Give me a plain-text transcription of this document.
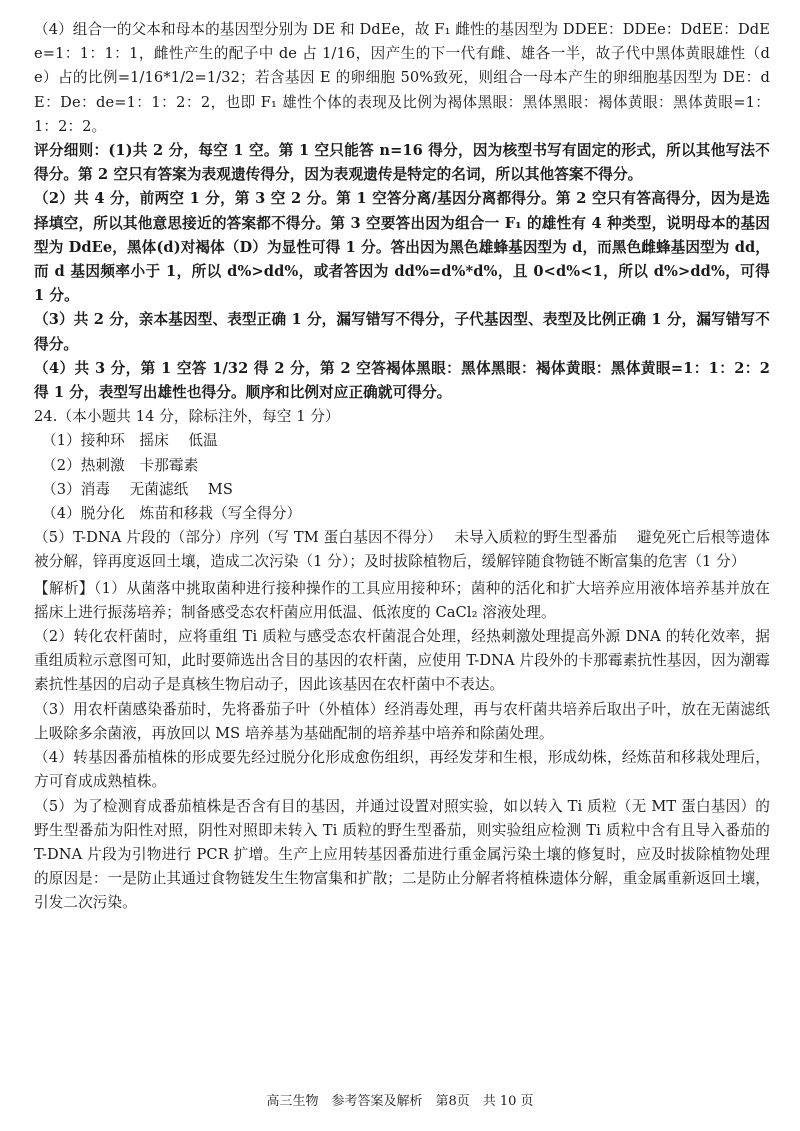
（4）组合一的父本和母本的基因型分别为 DE 和 DdEe，故 F₁ 雌性的基因型为 DDEE：DDEe：DdEE：DdEe=1：1：1：1，雌性产生的配子中 de 占 1/16，因产生的下一代有雌、雄各一半，故子代中黑体黄眼雄性（de）占的比例=1/16*1/2=1/32；若含基因 E 的卵细胞 50%致死，则组合一母本产生的卵细胞基因型为 DE：dE：De：de=1：1：2：2，也即 F₁ 雄性个体的表现及比例为褐体黑眼：黑体黑眼：褐体黄眼：黑体黄眼=1：1：2：2。

评分细则：(1)共 2 分，每空 1 空。第 1 空只能答 n=16 得分，因为核型书写有固定的形式，所以其他写法不得分。第 2 空只有答案为表观遗传得分，因为表观遗传是特定的名词，所以其他答案不得分。

（2）共 4 分，前两空 1 分，第 3 空 2 分。第 1 空答分离/基因分离都得分。第 2 空只有答高得分，因为是选择填空，所以其他意思接近的答案都不得分。第 3 空要答出因为组合一 F₁ 的雄性有 4 种类型，说明母本的基因型为 DdEe，黑体(d)对褐体（D）为显性可得 1 分。答出因为黑色雄蜂基因型为 d，而黑色雌蜂基因型为 dd，而 d 基因频率小于 1，所以 d%>dd%，或者答因为 dd%=d%*d%，且 0<d%<1，所以 d%>dd%，可得 1 分。

（3）共 2 分，亲本基因型、表型正确 1 分，漏写错写不得分，子代基因型、表型及比例正确 1 分，漏写错写不得分。

（4）共 3 分，第 1 空答 1/32 得 2 分，第 2 空答褐体黑眼：黑体黑眼：褐体黄眼：黑体黄眼=1：1：2：2 得 1 分，表型写出雄性也得分。顺序和比例对应正确就可得分。

24.（本小题共 14 分，除标注外，每空 1 分）

（1）接种环　摇床　 低温

（2）热刺激　卡那霉素

（3）消毒　 无菌滤纸　 MS

（4）脱分化　炼苗和移栽（写全得分）

（5）T-DNA 片段的（部分）序列（写 TM 蛋白基因不得分）　 未导入质粒的野生型番茄　 避免死亡后根等遗体被分解，锌再度返回土壤，造成二次污染（1 分）；及时拔除植物后，缓解锌随食物链不断富集的危害（1 分）

【解析】（1）从菌落中挑取菌种进行接种操作的工具应用接种环；菌种的活化和扩大培养应用液体培养基并放在摇床上进行振荡培养；制备感受态农杆菌应用低温、低浓度的 CaCl₂ 溶液处理。

（2）转化农杆菌时，应将重组 Ti 质粒与感受态农杆菌混合处理，经热刺激处理提高外源 DNA 的转化效率，据重组质粒示意图可知，此时要筛选出含目的基因的农杆菌，应使用 T-DNA 片段外的卡那霉素抗性基因，因为潮霉素抗性基因的启动子是真核生物启动子，因此该基因在农杆菌中不表达。

（3）用农杆菌感染番茄时，先将番茄子叶（外植体）经消毒处理，再与农杆菌共培养后取出子叶，放在无菌滤纸上吸除多余菌液，再放回以 MS 培养基为基础配制的培养基中培养和除菌处理。

（4）转基因番茄植株的形成要先经过脱分化形成愈伤组织，再经发芽和生根，形成幼株，经炼苗和移栽处理后，方可育成成熟植株。

（5）为了检测育成番茄植株是否含有目的基因，并通过设置对照实验，如以转入 Ti 质粒（无 MT 蛋白基因）的野生型番茄为阳性对照，阴性对照即未转入 Ti 质粒的野生型番茄，则实验组应检测 Ti 质粒中含有且导入番茄的 T-DNA 片段为引物进行 PCR 扩增。生产上应用转基因番茄进行重金属污染土壤的修复时，应及时拔除植物处理的原因是：一是防止其通过食物链发生生物富集和扩散；二是防止分解者将植株遗体分解，重金属重新返回土壤，引发二次污染。

高三生物　参考答案及解析　第8页　共 10 页
